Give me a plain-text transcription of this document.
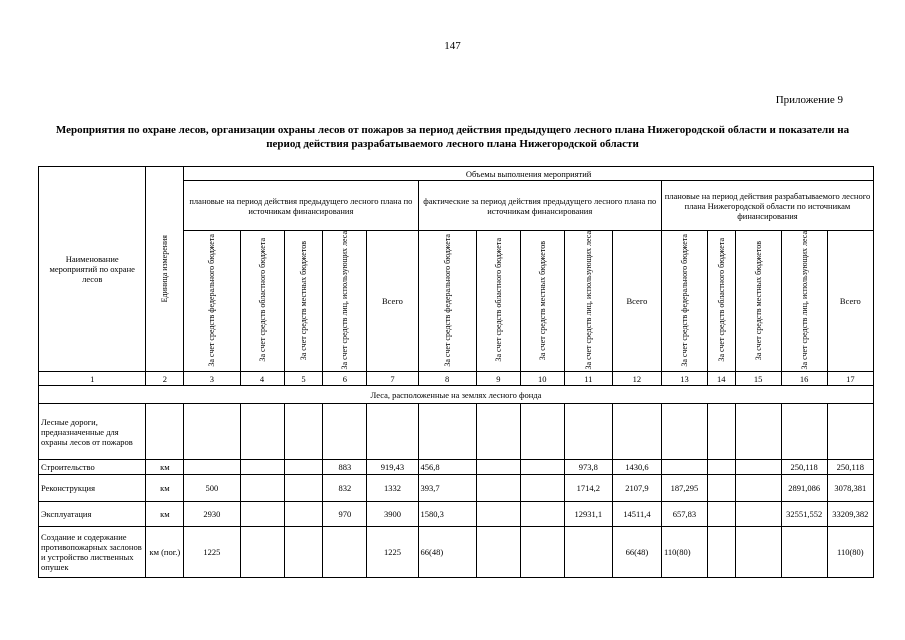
147
Приложение 9
Мероприятия по охране лесов, организации охраны лесов от пожаров за период действия предыдущего лесного плана Нижегородской области и показатели на период действия разрабатываемого лесного плана Нижегородской области
Наименование мероприятий по охране лесов	Единица измерения	Объемы выполнения мероприятий														
		плановые на период действия предыдущего лесного плана по источникам финансирования					фактические за период действия предыдущего лесного плана по источникам финансирования					плановые на период действия разрабатываемого лесного плана Нижегородской области по источникам финансирования				
		За счет средств федерального бюджета	За счет средств областного бюджета	За счет средств местных бюджетов	За счет средств лиц, использующих леса	Всего	За счет средств федерального бюджета	За счет средств областного бюджета	За счет средств местных бюджетов	За счет средств лиц, использующих леса	Всего	За счет средств федерального бюджета	За счет средств областного бюджета	За счет средств местных бюджетов	За счет средств лиц, использующих леса	Всего
1	2	3	4	5	6	7	8	9	10	11	12	13	14	15	16	17
Леса, расположенные на землях лесного фонда																
Лесные дороги, предназначенные для охраны лесов от пожаров																
Строительство	км				883	919,43	456,8			973,8	1430,6				250,118	250,118
Реконструкция	км	500			832	1332	393,7			1714,2	2107,9	187,295			2891,086	3078,381
Эксплуатация	км	2930			970	3900	1580,3			12931,1	14511,4	657,83			32551,552	33209,382
Создание и содержание противопожарных заслонов и устройство лиственных опушек	км (пог.)	1225				1225	66(48)				66(48)	110(80)				110(80)
